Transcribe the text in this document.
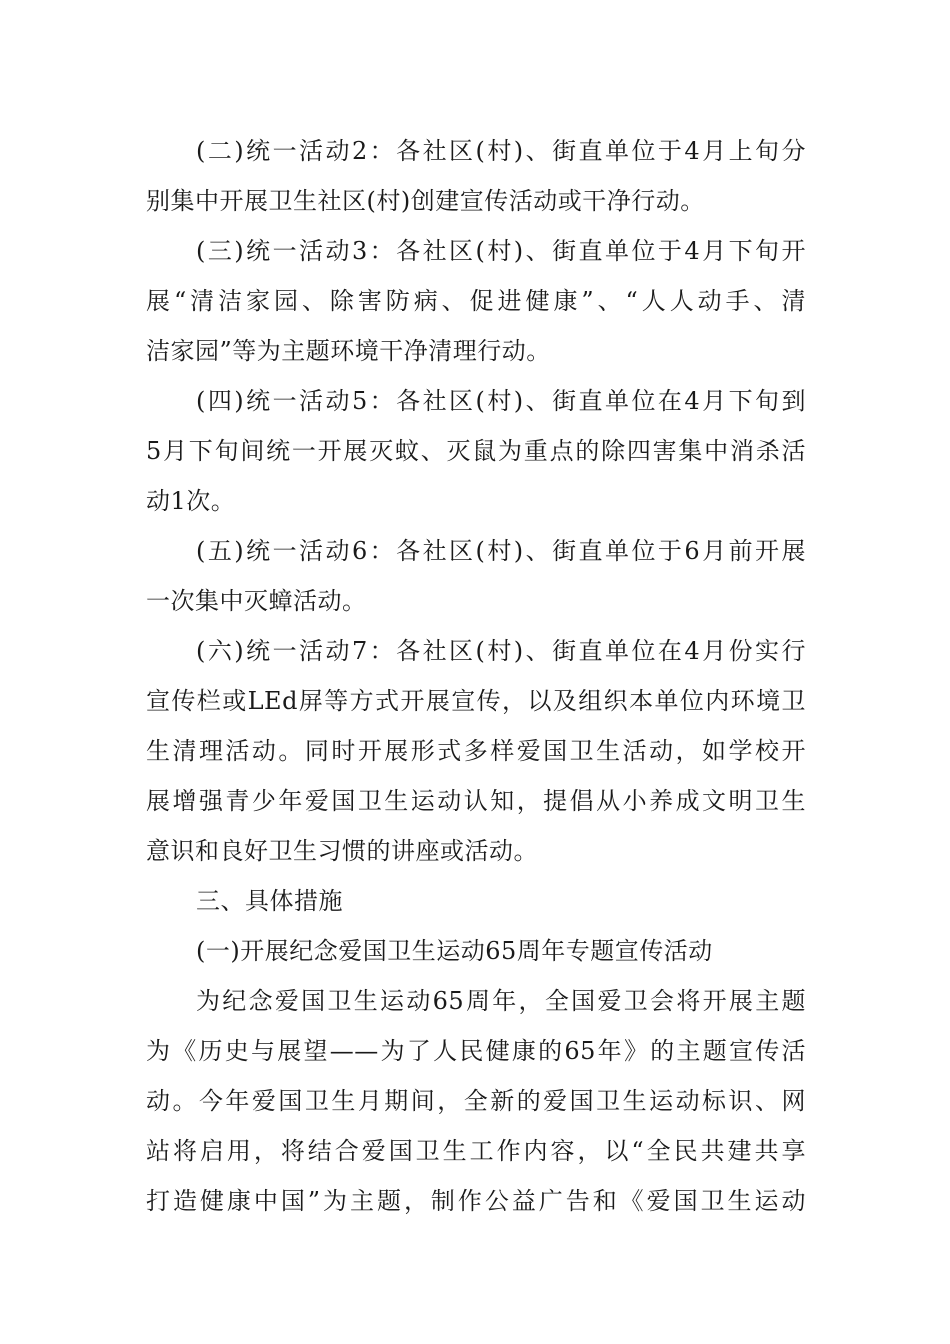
(二)统一活动2：各社区(村)、街直单位于4月上旬分
别集中开展卫生社区(村)创建宣传活动或干净行动。
(三)统一活动3：各社区(村)、街直单位于4月下旬开
展“清洁家园、除害防病、促进健康”、“人人动手、清
洁家园”等为主题环境干净清理行动。
(四)统一活动5：各社区(村)、街直单位在4月下旬到
5月下旬间统一开展灭蚊、灭鼠为重点的除四害集中消杀活
动1次。
(五)统一活动6：各社区(村)、街直单位于6月前开展
一次集中灭蟑活动。
(六)统一活动7：各社区(村)、街直单位在4月份实行
宣传栏或LEd屏等方式开展宣传，以及组织本单位内环境卫
生清理活动。同时开展形式多样爱国卫生活动，如学校开
展增强青少年爱国卫生运动认知，提倡从小养成文明卫生
意识和良好卫生习惯的讲座或活动。
三、具体措施
(一)开展纪念爱国卫生运动65周年专题宣传活动
为纪念爱国卫生运动65周年，全国爱卫会将开展主题
为《历史与展望——为了人民健康的65年》的主题宣传活
动。今年爱国卫生月期间，全新的爱国卫生运动标识、网
站将启用，将结合爱国卫生工作内容，以“全民共建共享
打造健康中国”为主题，制作公益广告和《爱国卫生运动
